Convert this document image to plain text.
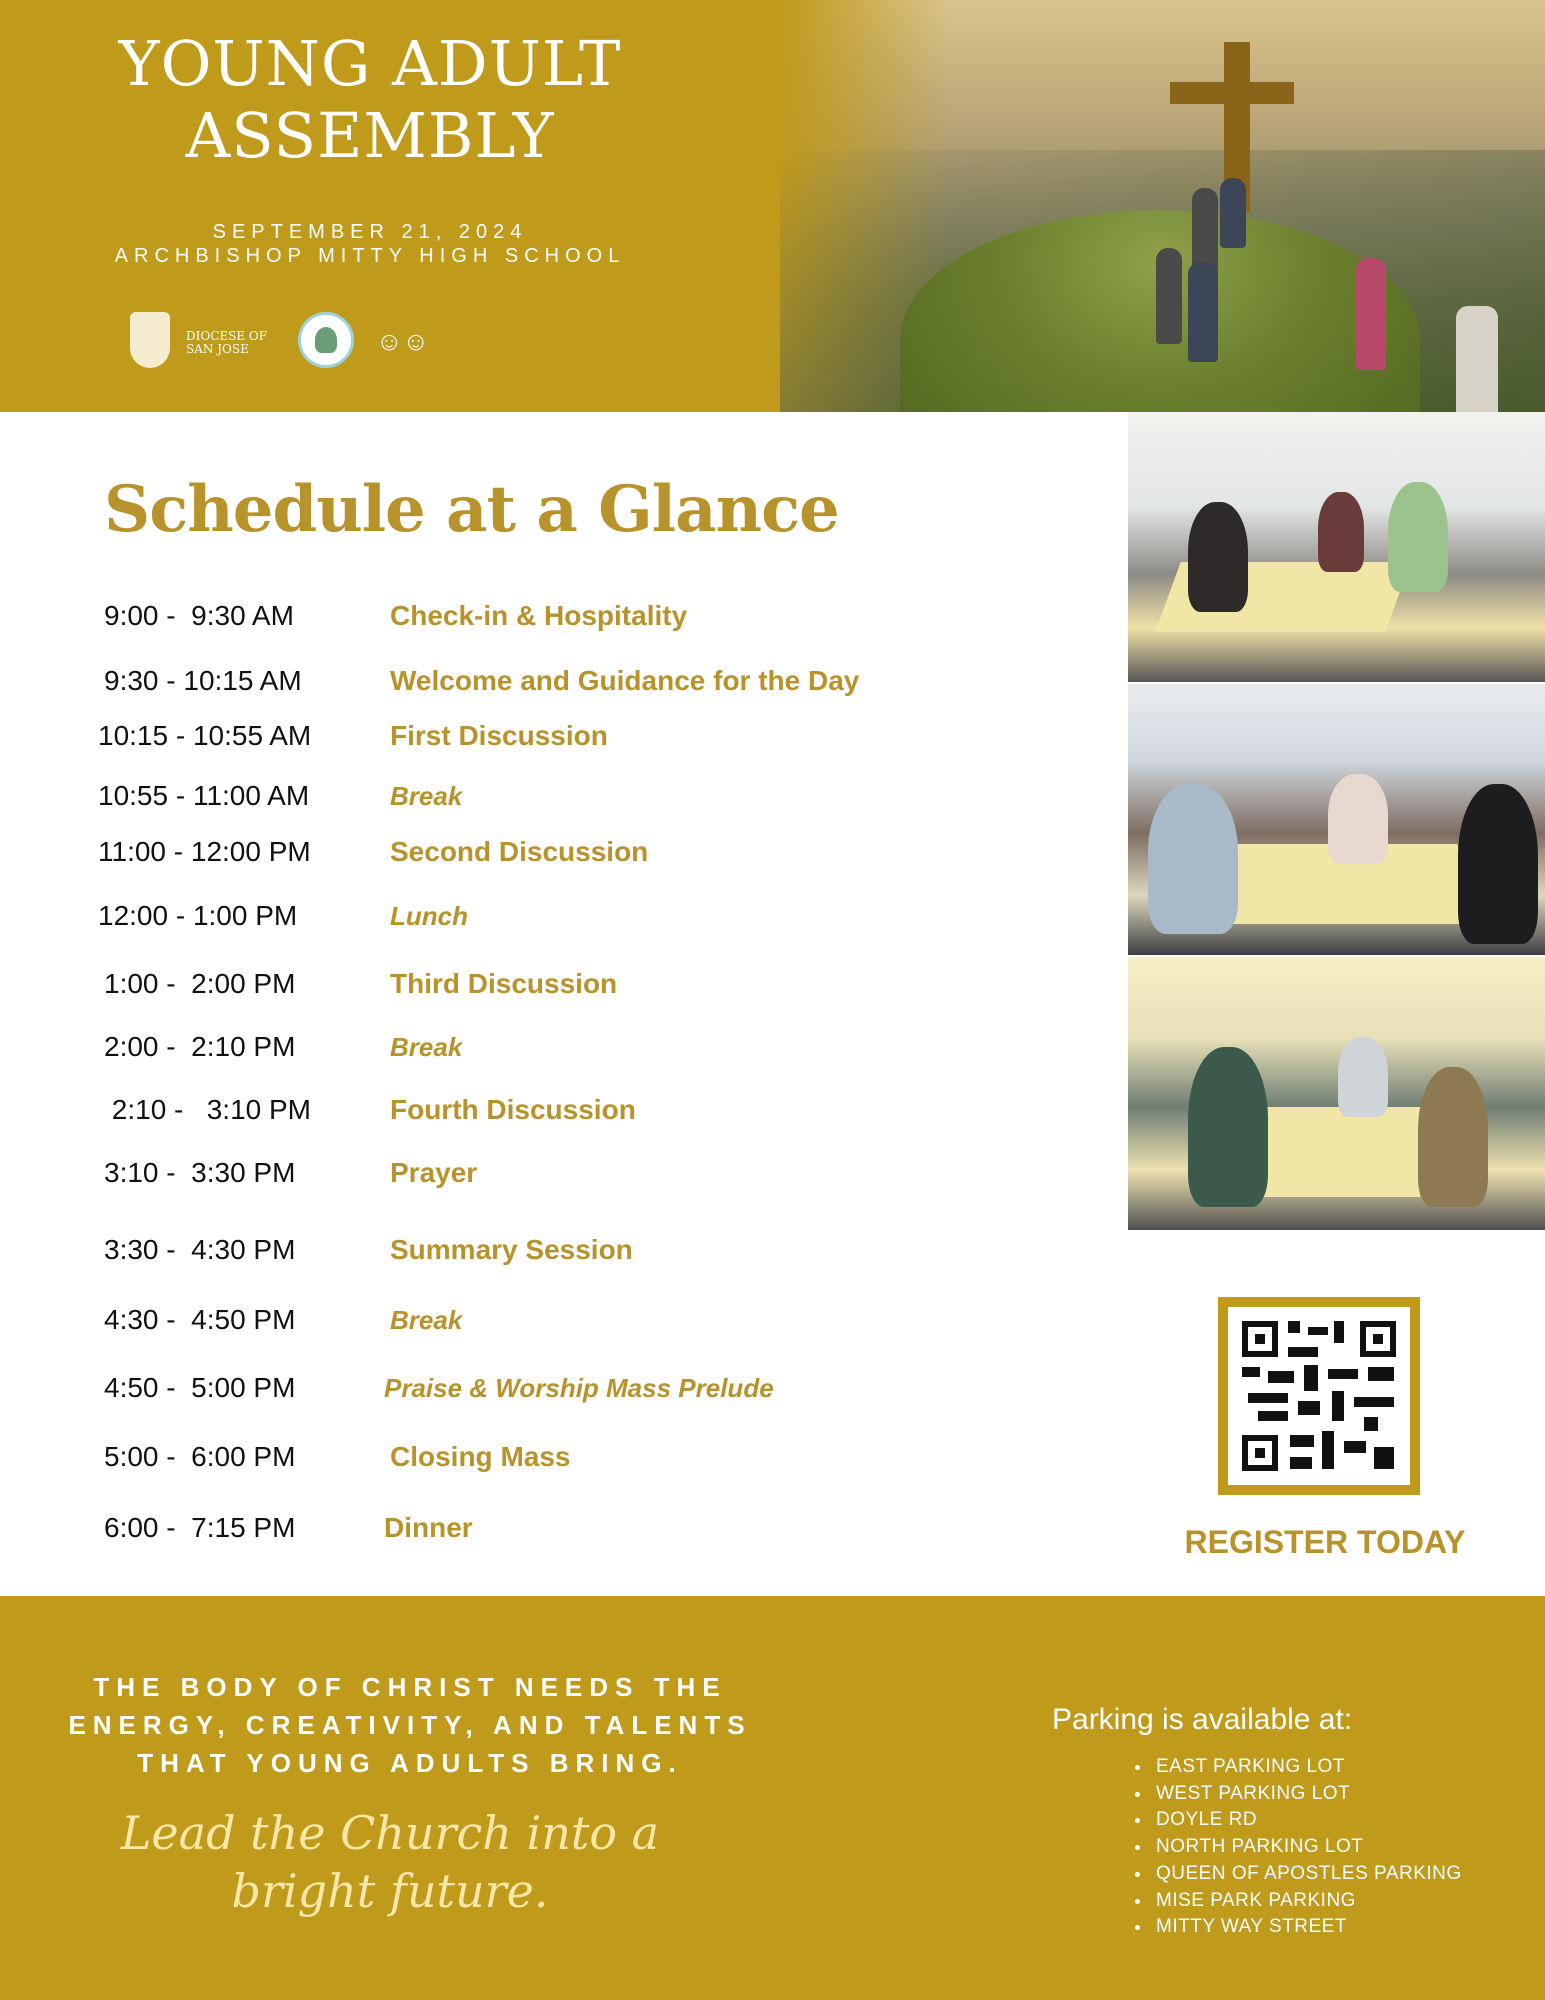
YOUNG ADULT
ASSEMBLY
SEPTEMBER 21, 2024
ARCHBISHOP MITTY HIGH SCHOOL
DIOCESE OF
SAN JOSE	☺☺
Schedule at a Glance
9:00 -  9:30 AM	Check-in & Hospitality
9:30 - 10:15 AM	Welcome and Guidance for the Day
10:15 - 10:55 AM	First Discussion
10:55 - 11:00 AM	Break
11:00 - 12:00 PM	Second Discussion
12:00 - 1:00 PM	Lunch
1:00 -  2:00 PM	Third Discussion
2:00 -  2:10 PM	Break
2:10 -   3:10 PM	Fourth Discussion
3:10 -  3:30 PM	Prayer
3:30 -  4:30 PM	Summary Session
4:30 -  4:50 PM	Break
4:50 -  5:00 PM	Praise & Worship Mass Prelude
5:00 -  6:00 PM	Closing Mass
6:00 -  7:15 PM	Dinner	REGISTER TODAY
THE BODY OF CHRIST NEEDS THE
ENERGY, CREATIVITY, AND TALENTS
THAT YOUNG ADULTS BRING.
Lead the Church into a
bright future.
Parking is available at:
• EAST PARKING LOT
• WEST PARKING LOT
• DOYLE RD
• NORTH PARKING LOT
• QUEEN OF APOSTLES PARKING
• MISE PARK PARKING
• MITTY WAY STREET
